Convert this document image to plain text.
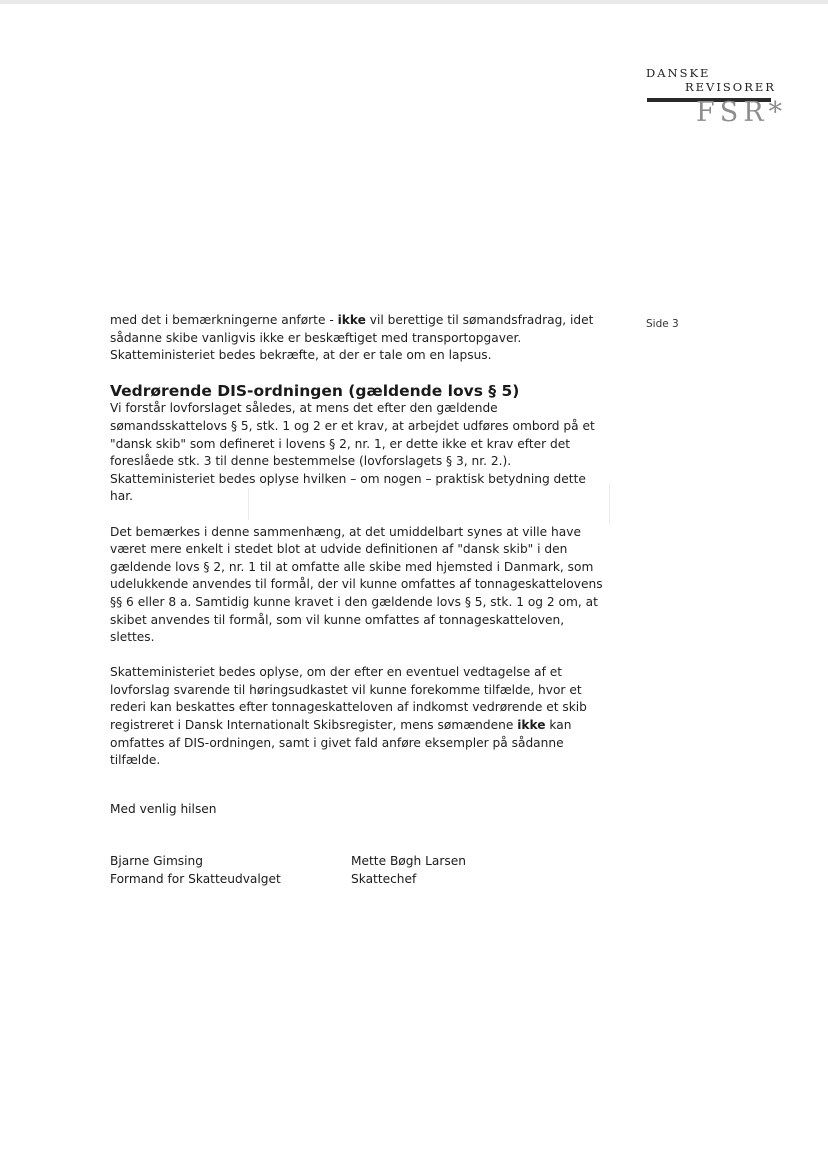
DANSKE
REVISORER
FSR*
Side 3

med det i bemærkningerne anførte - ikke vil berettige til sømandsfradrag, idet sådanne skibe vanligvis ikke er beskæftiget med transportopgaver. Skatteministeriet bedes bekræfte, at der er tale om en lapsus.

Vedrørende DIS-ordningen (gældende lovs § 5)

Vi forstår lovforslaget således, at mens det efter den gældende sømandsskattelovs § 5, stk. 1 og 2 er et krav, at arbejdet udføres ombord på et "dansk skib" som defineret i lovens § 2, nr. 1, er dette ikke et krav efter det foreslåede stk. 3 til denne bestemmelse (lovforslagets § 3, nr. 2.). Skatteministeriet bedes oplyse hvilken – om nogen – praktisk betydning dette har.

Det bemærkes i denne sammenhæng, at det umiddelbart synes at ville have været mere enkelt i stedet blot at udvide definitionen af "dansk skib" i den gældende lovs § 2, nr. 1 til at omfatte alle skibe med hjemsted i Danmark, som udelukkende anvendes til formål, der vil kunne omfattes af tonnageskattelovens §§ 6 eller 8 a. Samtidig kunne kravet i den gældende lovs § 5, stk. 1 og 2 om, at skibet anvendes til formål, som vil kunne omfattes af tonnageskatteloven, slettes.

Skatteministeriet bedes oplyse, om der efter en eventuel vedtagelse af et lovforslag svarende til høringsudkastet vil kunne forekomme tilfælde, hvor et rederi kan beskattes efter tonnageskatteloven af indkomst vedrørende et skib registreret i Dansk Internationalt Skibsregister, mens sømændene ikke kan omfattes af DIS-ordningen, samt i givet fald anføre eksempler på sådanne tilfælde.

Med venlig hilsen
Bjarne Gimsing
Formand for Skatteudvalget
Mette Bøgh Larsen
Skattechef
